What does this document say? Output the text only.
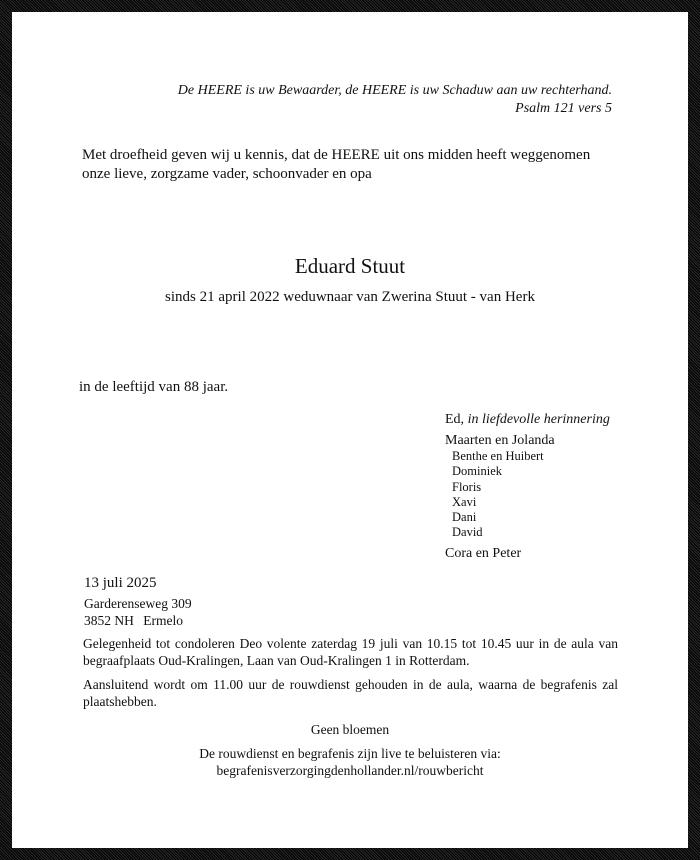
De HEERE is uw Bewaarder, de HEERE is uw Schaduw aan uw rechterhand.
Psalm 121 vers 5
Met droefheid geven wij u kennis, dat de HEERE uit ons midden heeft weggenomen
onze lieve, zorgzame vader, schoonvader en opa
Eduard Stuut
sinds 21 april 2022 weduwnaar van Zwerina Stuut - van Herk
in de leeftijd van 88 jaar.
Ed, in liefdevolle herinnering
Maarten en Jolanda
Benthe en Huibert
Dominiek
Floris
Xavi
Dani
David
Cora en Peter
13 juli 2025
Garderenseweg 309
3852 NH Ermelo
Gelegenheid tot condoleren Deo volente zaterdag 19 juli van 10.15 tot 10.45 uur in de aula van begraafplaats Oud-Kralingen, Laan van Oud-Kralingen 1 in Rotterdam.
Aansluitend wordt om 11.00 uur de rouwdienst gehouden in de aula, waarna de begrafenis zal plaatshebben.
Geen bloemen
De rouwdienst en begrafenis zijn live te beluisteren via:
begrafenisverzorgingdenhollander.nl/rouwbericht
